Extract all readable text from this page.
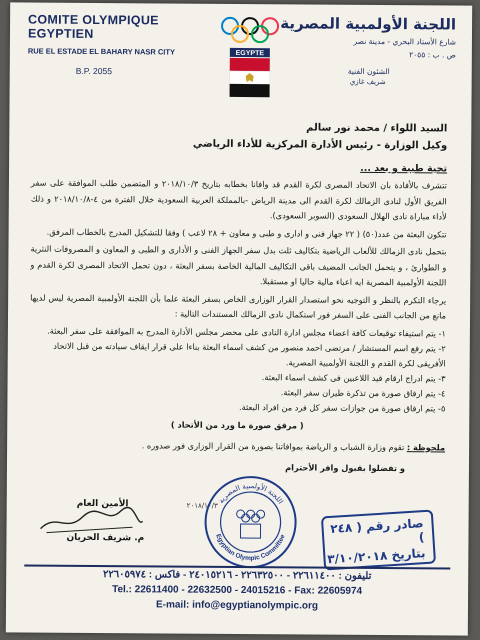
COMITE OLYMPIQUE EGYPTIEN
RUE EL ESTADE EL BAHARY NASR CITY
B.P. 2055
EGYPTE
اللجنة الأولمبية المصرية
شارع الأستاد البحري - مدينة نصر
ص . ب : ٢٠٥٥
الشئون الفنية
شريف غازي
السيد اللواء / محمد نور سالم
وكيل الوزارة - رئيس الأدارة المركزية للأداء الرياضي
تحية طيبة و بعد ...

تتشرف بالأفادة بان الاتحاد المصرى لكرة القدم قد وافانا بخطابه بتاريخ ٢٠١٨/١٠/٣ و المتضمن طلب الموافقة على سفر الفريق الأول لنادى الزمالك لكرة القدم الى مدينة الرياض -بالمملكة العربية السعودية خلال الفترة من ٤-٢٠١٨/١٠/٨ و ذلك لأداء مباراة نادى الهلال السعودى (السوبر السعودى).

تتكون البعثة من عدد(٥٠) ( ٢٢ جهاز فنى و ادارى و طبى و معاون + ٢٨ لاعب ) وفقا للتشكيل المدرج بالخطاب المرفق.

بتحمل نادى الزمالك للألعاب الرياضية بتكاليف ثلث بدل سفر الجهاز الفنى و الأدارى و الطبى و المعاون و المصروفات النثرية و الطوارئ ، و يتحمل الجانب المضيف باقى التكاليف المالية الخاصة بسفر البعثة ، دون تحمل الاتحاد المصرى لكرة القدم و اللجنة الأولمبية المصرية ايه اعباء مالية حاليا او مستقبلا.

يرجاء التكرم بالنظر و التوجيه نحو استصدار القرار الوزارى الخاص بسفر البعثة علما بأن اللجنة الأولمبية المصرية ليس لديها مانع من الجانب الفنى على السفر فور استكمال نادى الزمالك المستندات التالية :

١- يتم استيفاء توقيعات كافة اعضاء مجلس ادارة النادى على محضر مجلس الأدارة المدرج به الموافقة على سفر البعثة.
٢- يتم رفع اسم المستشار / مرتضى احمد منصور من كشف اسماء البعثة بناءا على قرار ايقاف سيادته من قبل الاتحاد الأفريقى لكرة القدم و اللجنة الأولمبية المصرية.
٣- يتم ادراج ارقام قيد اللاعبين فى كشف اسماء البعثة.
٤- يتم ارفاق صورة من تذكرة طيران سفر البعثة.
٥- يتم ارفاق صورة من جوازات سفر كل فرد من افراد البعثة.
( مرفق صورة ما ورد من الأتحاد )
ملحوظة : تقوم وزارة الشباب و الرياضة بموافاتنا بصورة من القرار الوزارى فور صدوره .
و تفضلوا بقبول وافر الأحترام
الأمين العام
م. شريف الحريان
٢٠١٨/١٠/٣
اللجنة الأولمبية المصرية
Egyptian Olympic Committee
صادر رقم ( ٢٤٨ )
بتاريخ ٣/١٠/٢٠١٨
تليفون : ٢٢٦١١٤٠٠ - ٢٢٦٣٢٥٠٠ - ٢٤٠١٥٢١٦ - فاكس : ٢٢٦٠٥٩٧٤
Tel.: 22611400 - 22632500 - 24015216 - Fax: 22605974
E-mail: info@egyptianolympic.org
